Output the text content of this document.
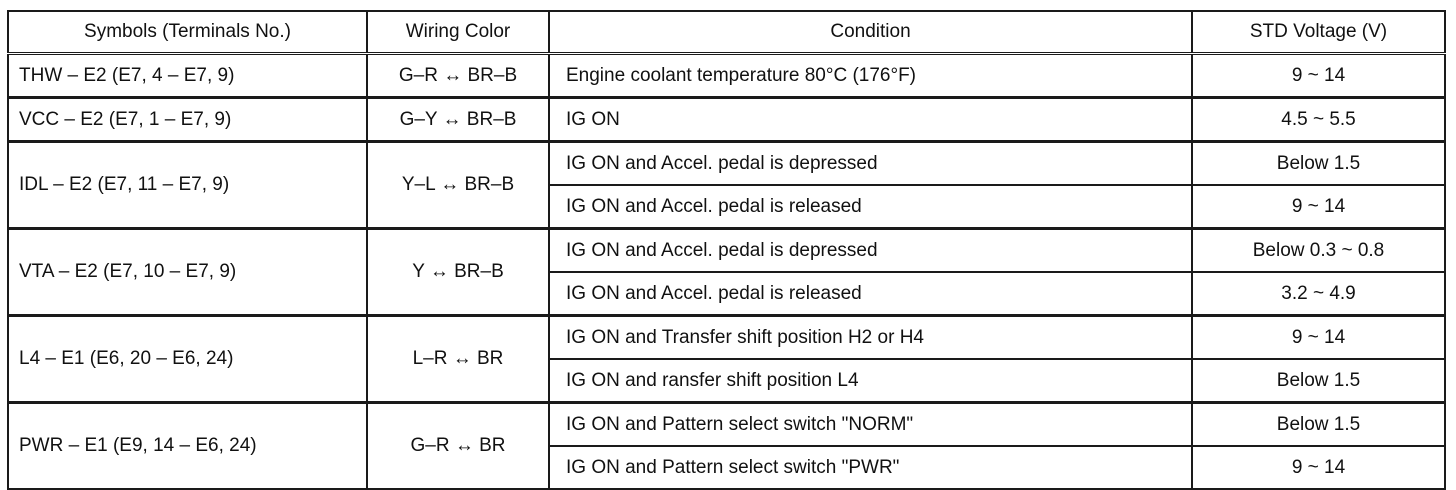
Symbols (Terminals No.)	Wiring Color	Condition	STD Voltage (V)
THW – E2 (E7, 4 – E7, 9)	G–R ↔ BR–B	Engine coolant temperature 80°C (176°F)	9 ~ 14
VCC – E2 (E7, 1 – E7, 9)	G–Y ↔ BR–B	IG ON	4.5 ~ 5.5
IDL – E2 (E7, 11 – E7, 9)	Y–L ↔ BR–B	IG ON and Accel. pedal is depressed	Below 1.5
		IG ON and Accel. pedal is released	9 ~ 14
VTA – E2 (E7, 10 – E7, 9)	Y ↔ BR–B	IG ON and Accel. pedal is depressed	Below 0.3 ~ 0.8
		IG ON and Accel. pedal is released	3.2 ~ 4.9
L4 – E1 (E6, 20 – E6, 24)	L–R ↔ BR	IG ON and Transfer shift position H2 or H4	9 ~ 14
		IG ON and ransfer shift position L4	Below 1.5
PWR – E1 (E9, 14 – E6, 24)	G–R ↔ BR	IG ON and Pattern select switch "NORM"	Below 1.5
		IG ON and Pattern select switch "PWR"	9 ~ 14
